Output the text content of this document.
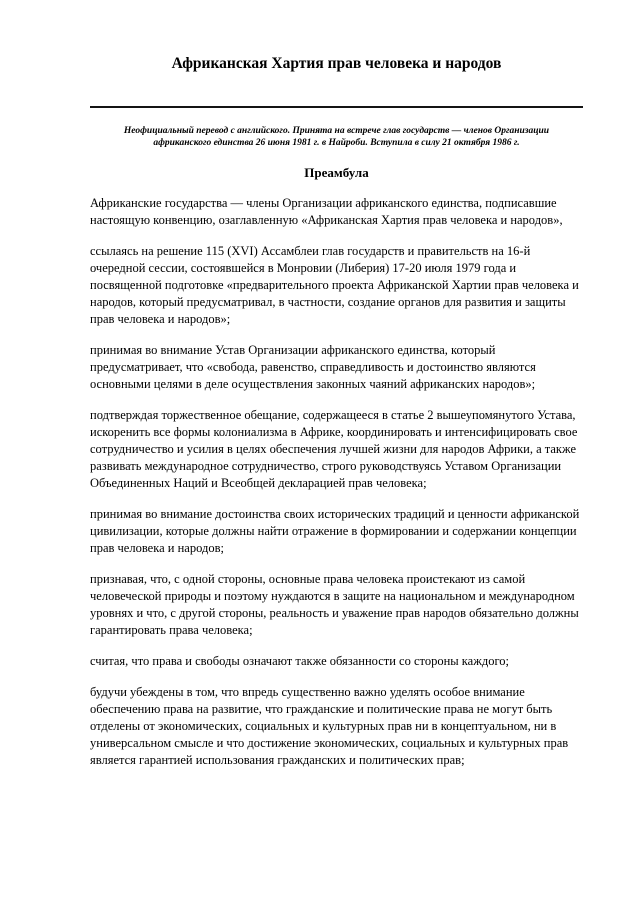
Африканская Хартия прав человека и народов
Неофициальный перевод с английского. Принята на встрече глав государств — членов Организации африканского единства 26 июня 1981 г. в Найроби. Вступила в силу 21 октября 1986 г.
Преамбула

Африканские государства — члены Организации африканского единства, подписавшие настоящую конвенцию, озаглавленную «Африканская Хартия прав человека и народов»,

ссылаясь на решение 115 (XVI) Ассамблеи глав государств и правительств на 16-й очередной сессии, состоявшейся в Монровии (Либерия) 17-20 июля 1979 года и посвященной подготовке «предварительного проекта Африканской Хартии прав человека и народов, который предусматривал, в частности, создание органов для развития и защиты прав человека и народов»;

принимая во внимание Устав Организации африканского единства, который предусматривает, что «свобода, равенство, справедливость и достоинство являются основными целями в деле осуществления законных чаяний африканских народов»;

подтверждая торжественное обещание, содержащееся в статье 2 вышеупомянутого Устава, искоренить все формы колониализма в Африке, координировать и интенсифицировать свое сотрудничество и усилия в целях обеспечения лучшей жизни для народов Африки, а также развивать международное сотрудничество, строго руководствуясь Уставом Организации Объединенных Наций и Всеобщей декларацией прав человека;

принимая во внимание достоинства своих исторических традиций и ценности африканской цивилизации, которые должны найти отражение в формировании и содержании концепции прав человека и народов;

признавая, что, с одной стороны, основные права человека проистекают из самой человеческой природы и поэтому нуждаются в защите на национальном и международном уровнях и что, с другой стороны, реальность и уважение прав народов обязательно должны гарантировать права человека;

считая, что права и свободы означают также обязанности со стороны каждого;

будучи убеждены в том, что впредь существенно важно уделять особое внимание обеспечению права на развитие, что гражданские и политические права не могут быть отделены от экономических, социальных и культурных прав ни в концептуальном, ни в универсальном смысле и что достижение экономических, социальных и культурных прав является гарантией использования гражданских и политических прав;
